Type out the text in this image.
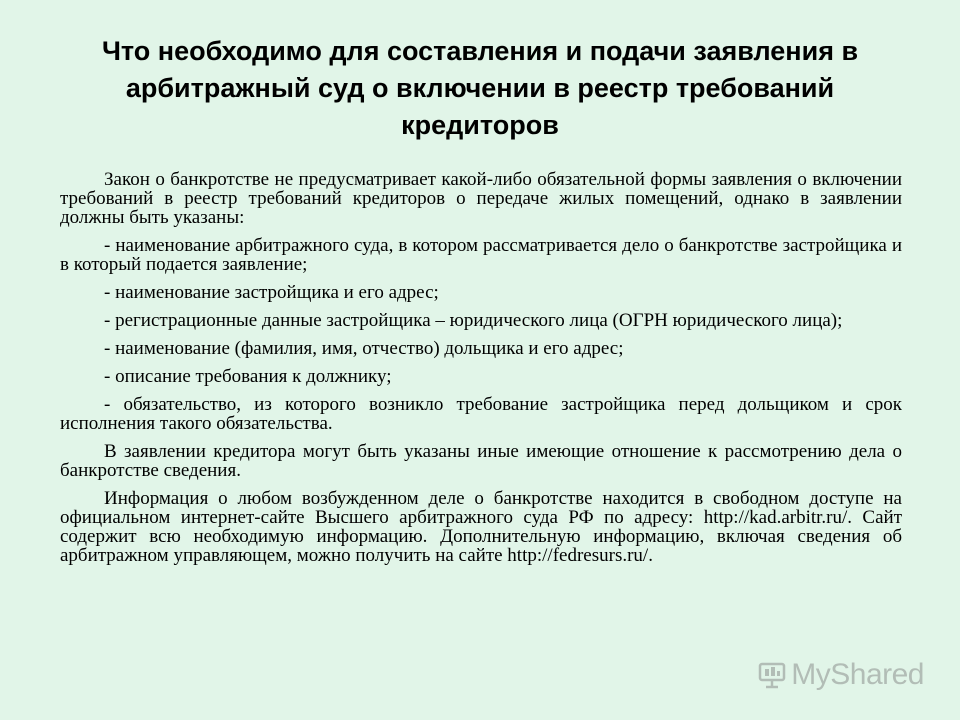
Что необходимо для составления и подачи заявления в арбитражный суд о включении в реестр требований кредиторов

Закон о банкротстве не предусматривает какой-либо обязательной формы заявления о включении требований в реестр требований кредиторов о передаче жилых помещений, однако в заявлении должны быть указаны:

- наименование арбитражного суда, в котором рассматривается дело о банкротстве застройщика и в который подается заявление;

- наименование застройщика и его адрес;

- регистрационные данные застройщика – юридического лица (ОГРН юридического лица);

- наименование (фамилия, имя, отчество) дольщика и его адрес;

- описание требования к должнику;

- обязательство, из которого возникло требование застройщика перед дольщиком и срок исполнения такого обязательства.

В заявлении кредитора могут быть указаны иные имеющие отношение к рассмотрению дела о банкротстве сведения.

Информация о любом возбужденном деле о банкротстве находится в свободном доступе на официальном интернет-сайте Высшего арбитражного суда РФ по адресу: http://kad.arbitr.ru/. Сайт содержит всю необходимую информацию. Дополнительную информацию, включая сведения об арбитражном управляющем, можно получить на сайте http://fedresurs.ru/.

MyShared
